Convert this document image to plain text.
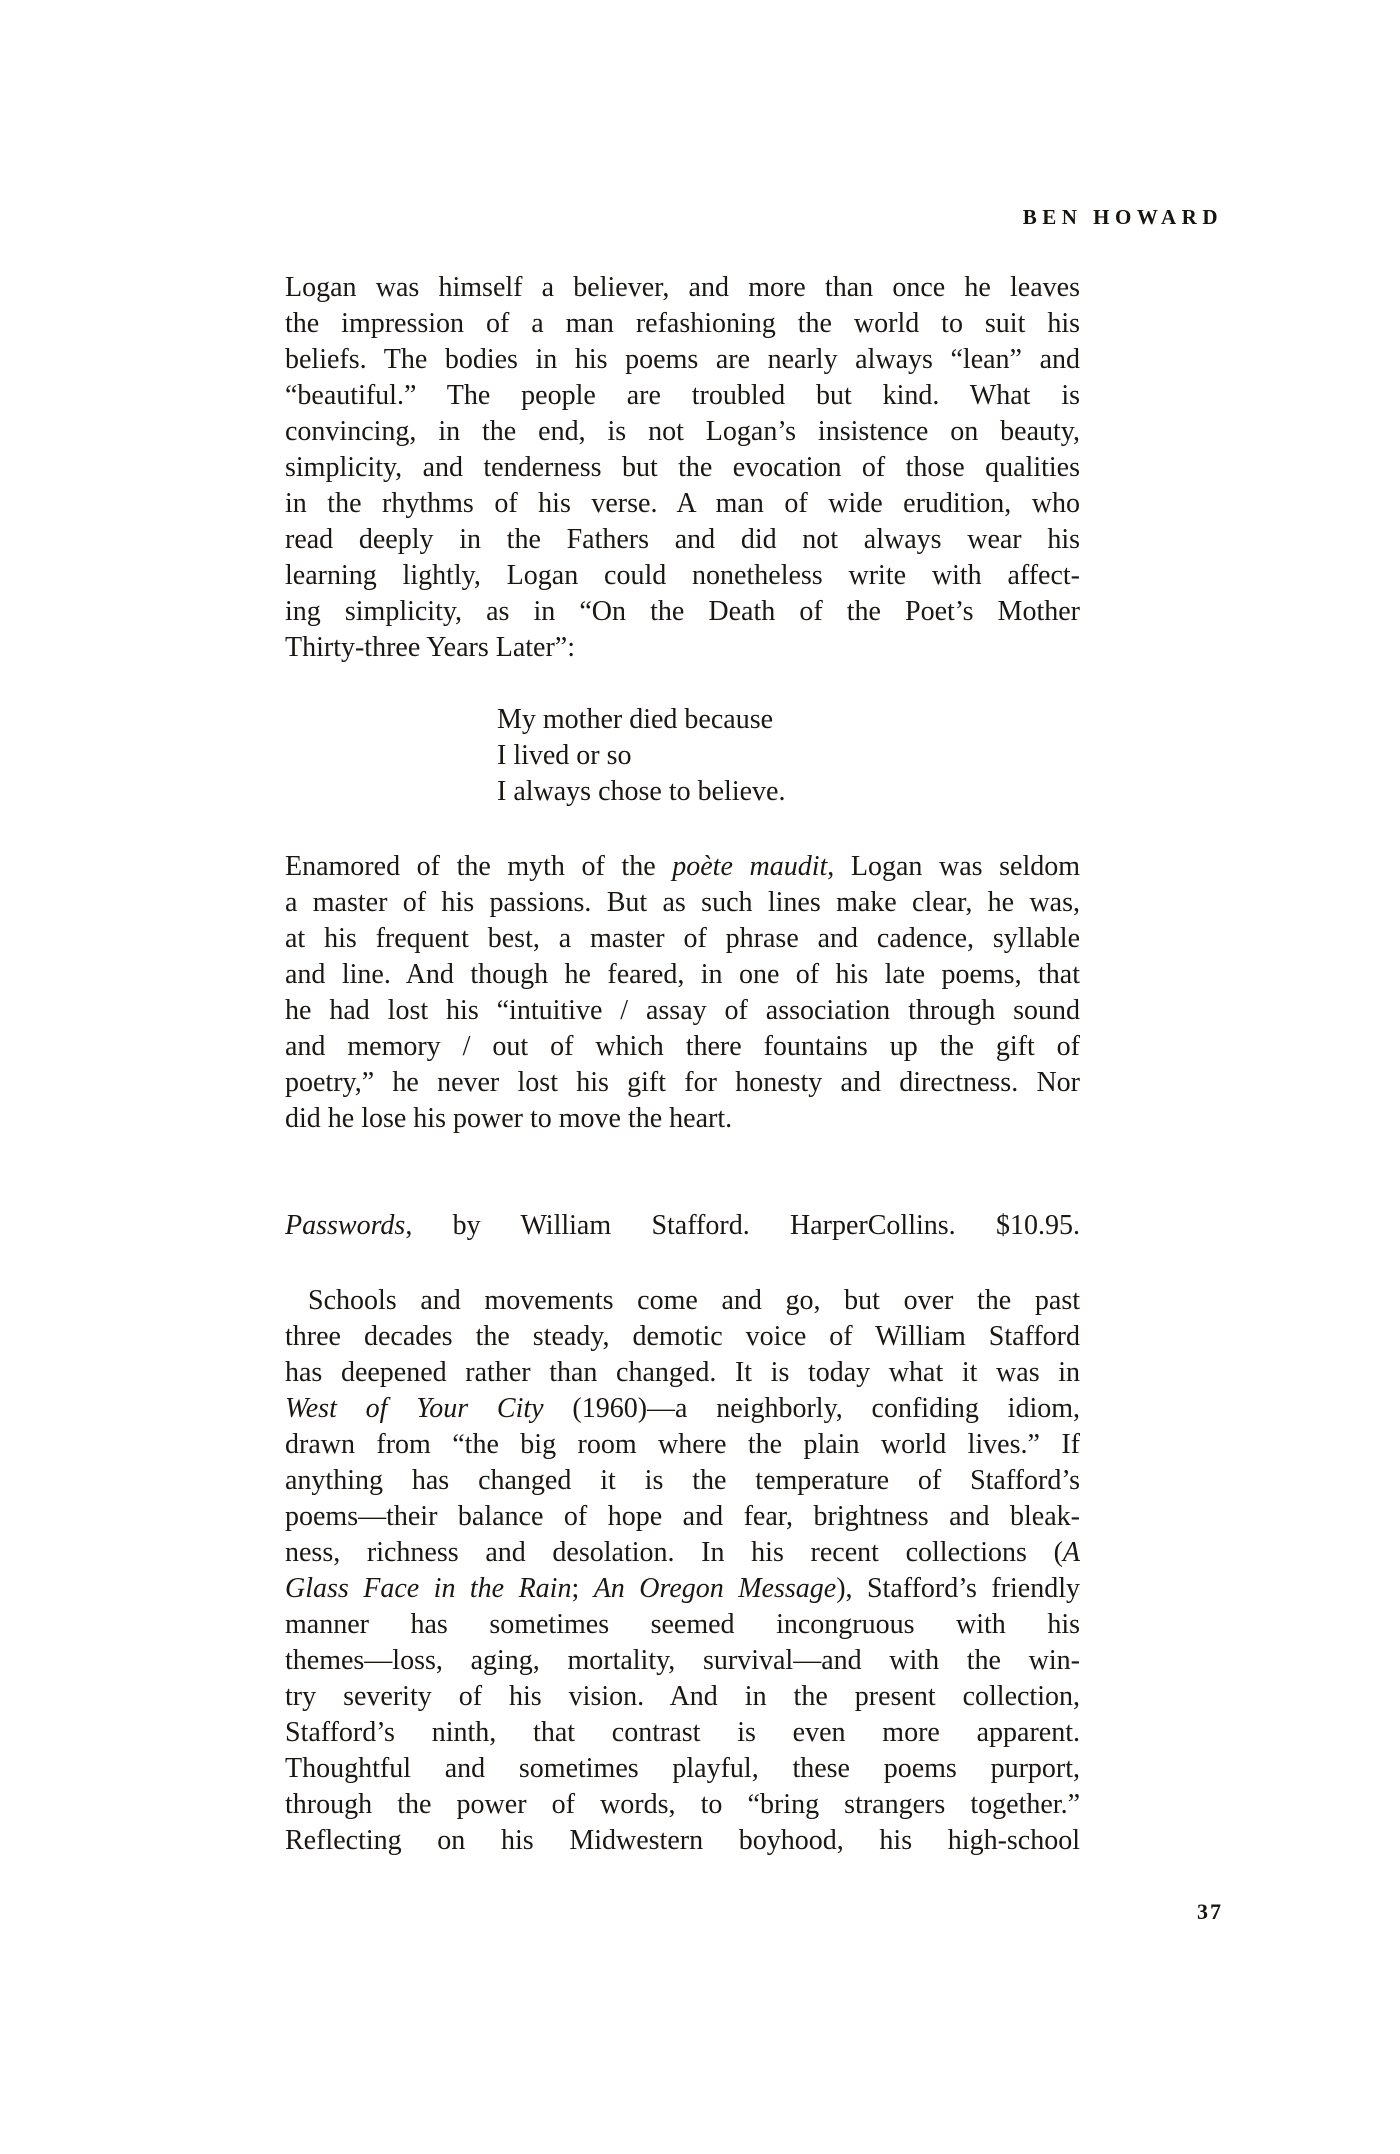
BEN HOWARD
Logan was himself a believer, and more than once he leaves
the impression of a man refashioning the world to suit his
beliefs. The bodies in his poems are nearly always “lean” and
“beautiful.” The people are troubled but kind. What is
convincing, in the end, is not Logan’s insistence on beauty,
simplicity, and tenderness but the evocation of those qualities
in the rhythms of his verse. A man of wide erudition, who
read deeply in the Fathers and did not always wear his
learning lightly, Logan could nonetheless write with affect-
ing simplicity, as in “On the Death of the Poet’s Mother
Thirty-three Years Later”:
My mother died because
I lived or so
I always chose to believe.
Enamored of the myth of the poète maudit, Logan was seldom
a master of his passions. But as such lines make clear, he was,
at his frequent best, a master of phrase and cadence, syllable
and line. And though he feared, in one of his late poems, that
he had lost his “intuitive / assay of association through sound
and memory / out of which there fountains up the gift of
poetry,” he never lost his gift for honesty and directness. Nor
did he lose his power to move the heart.
Passwords, by William Stafford. HarperCollins. $10.95.
Schools and movements come and go, but over the past
three decades the steady, demotic voice of William Stafford
has deepened rather than changed. It is today what it was in
West of Your City (1960)—a neighborly, confiding idiom,
drawn from “the big room where the plain world lives.” If
anything has changed it is the temperature of Stafford’s
poems—their balance of hope and fear, brightness and bleak-
ness, richness and desolation. In his recent collections (A
Glass Face in the Rain; An Oregon Message), Stafford’s friendly
manner has sometimes seemed incongruous with his
themes—loss, aging, mortality, survival—and with the win-
try severity of his vision. And in the present collection,
Stafford’s ninth, that contrast is even more apparent.
Thoughtful and sometimes playful, these poems purport,
through the power of words, to “bring strangers together.”
Reflecting on his Midwestern boyhood, his high-school
37
